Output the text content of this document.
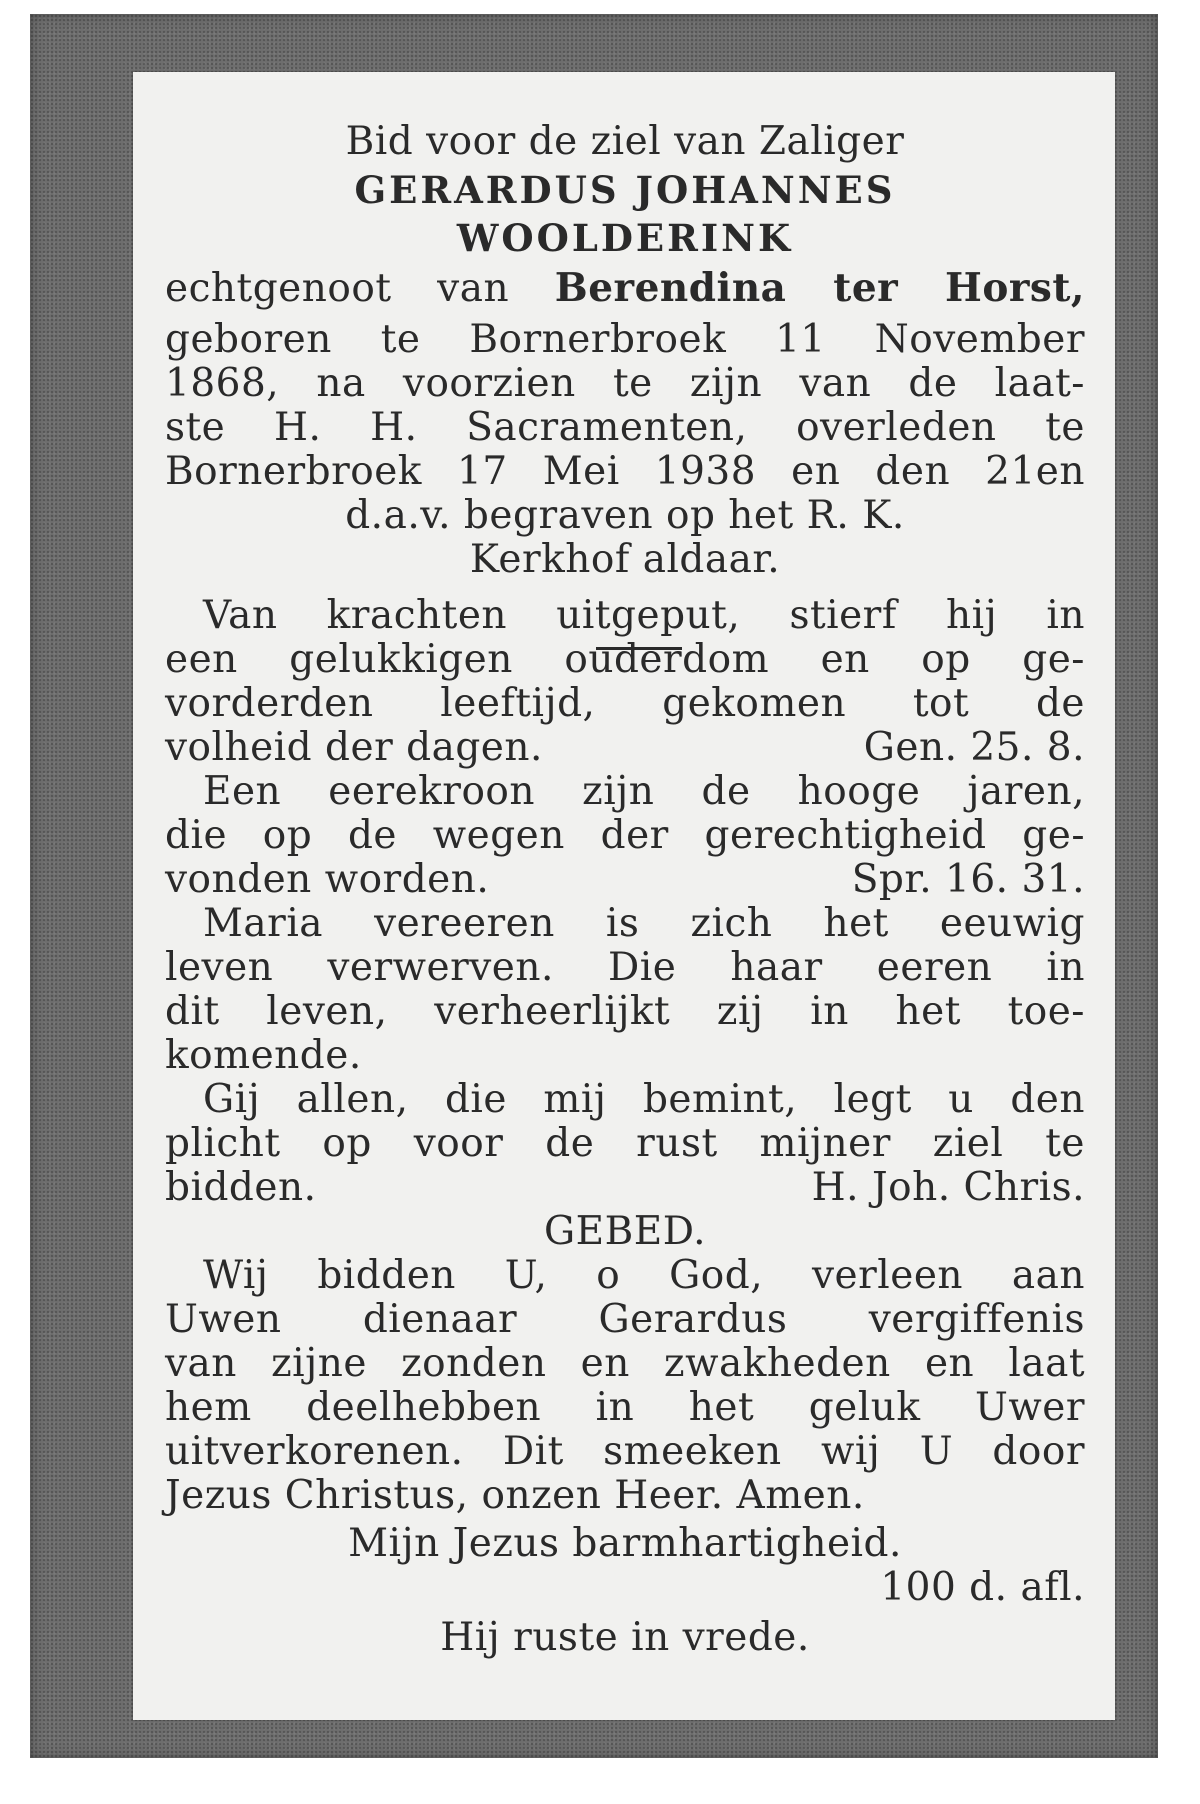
Bid voor de ziel van Zaliger
GERARDUS JOHANNES
WOOLDERINK
echtgenoot van Berendina ter Horst,
geboren te Bornerbroek 11 November
1868, na voorzien te zijn van de laat-
ste H. H. Sacramenten, overleden te
Bornerbroek 17 Mei 1938 en den 21en
d.a.v. begraven op het R. K.
Kerkhof aldaar.
Van krachten uitgeput, stierf hij in
een gelukkigen ouderdom en op ge-
vorderden leeftijd, gekomen tot de
volheid der dagen.	Gen. 25. 8.
Een eerekroon zijn de hooge jaren,
die op de wegen der gerechtigheid ge-
vonden worden.	Spr. 16. 31.
Maria vereeren is zich het eeuwig
leven verwerven. Die haar eeren in
dit leven, verheerlijkt zij in het toe-
komende.
Gij allen, die mij bemint, legt u den
plicht op voor de rust mijner ziel te
bidden.	H. Joh. Chris.
GEBED.
Wij bidden U, o God, verleen aan
Uwen dienaar Gerardus vergiffenis
van zijne zonden en zwakheden en laat
hem deelhebben in het geluk Uwer
uitverkorenen. Dit smeeken wij U door
Jezus Christus, onzen Heer. Amen.
Mijn Jezus barmhartigheid.
100 d. afl.
Hij ruste in vrede.
